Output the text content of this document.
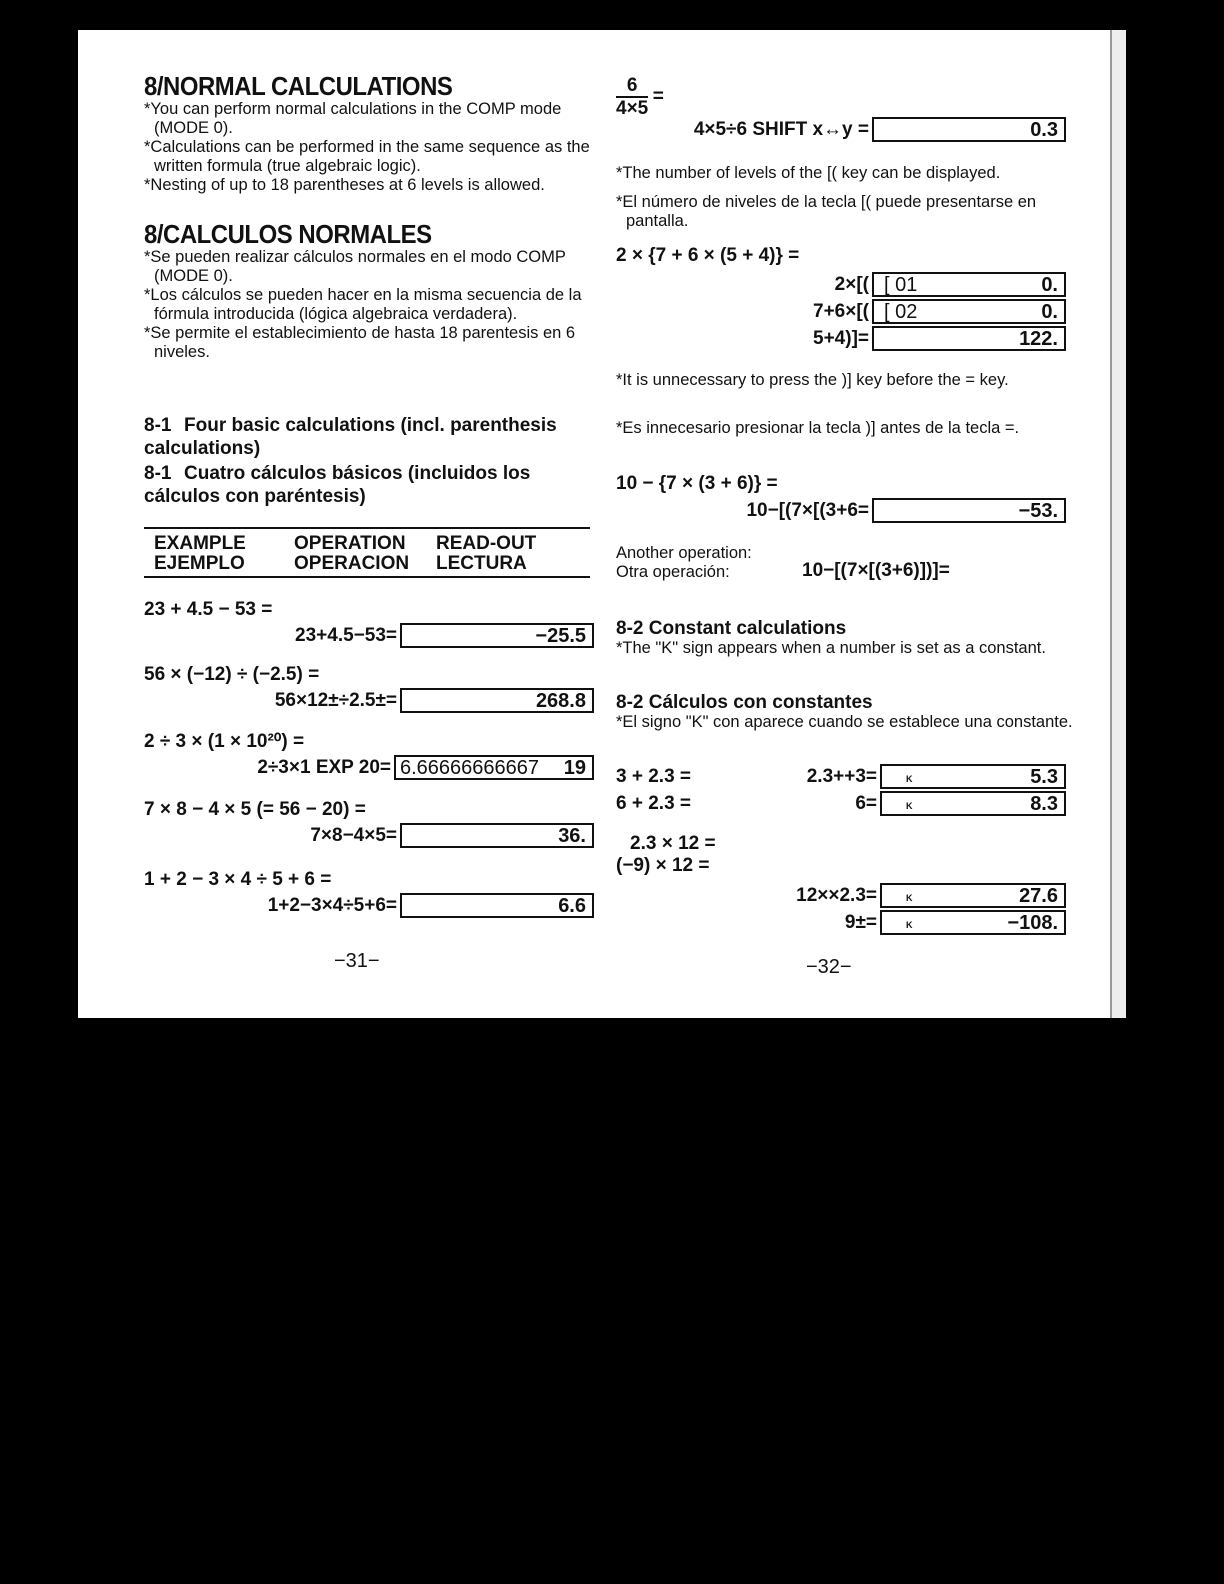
8/NORMAL CALCULATIONS
*You can perform normal calculations in the COMP mode (MODE 0).
*Calculations can be performed in the same sequence as the written formula (true algebraic logic).
*Nesting of up to 18 parentheses at 6 levels is allowed.
8/CALCULOS NORMALES
*Se pueden realizar cálculos normales en el modo COMP (MODE 0).
*Los cálculos se pueden hacer en la misma secuencia de la fórmula introducida (lógica algebraica verdadera).
*Se permite el establecimiento de hasta 18 parentesis en 6 niveles.
8-1 Four basic calculations (incl. parenthesis calculations)
8-1 Cuatro cálculos básicos (incluidos los cálculos con paréntesis)
EXAMPLE	OPERATION	READ-OUT
EJEMPLO	OPERACION	LECTURA
23 + 4.5 − 53 =
23+4.5−53=	−25.5
56 × (−12) ÷ (−2.5) =
56×12±÷2.5±=	268.8
2 ÷ 3 × (1 × 10²⁰) =
2÷3×1 EXP 20= 6.66666666667 19
7 × 8 − 4 × 5 (= 56 − 20) =
7×8−4×5=	36.
1 + 2 − 3 × 4 ÷ 5 + 6 =
1+2−3×4÷5+6=	6.6
−31−
$\frac{6}{4\times 5}$ =
4×5÷6 SHIFT x↔y =	0.3
*The number of levels of the [( key can be displayed.
*El número de niveles de la tecla [( puede presentarse en pantalla.
2 × {7 + 6 × (5 + 4)} =
2×[( [ 01	0.
7+6×[( [ 02	0.
5+4)]=	122.
*It is unnecessary to press the )] key before the = key.
*Es innecesario presionar la tecla )] antes de la tecla =.
10 − {7 × (3 + 6)} =
10−[(7×[(3+6=	−53.
Another operation:
Otra operación:	10−[(7×[(3+6)])]=
8-2 Constant calculations
*The "K" sign appears when a number is set as a constant.
8-2 Cálculos con constantes
*El signo "K" con aparece cuando se establece una constante.
3 + 2.3 =	2.3++3=	K	5.3
6 + 2.3 =	6=	K	8.3
2.3 × 12 =
(−9) × 12 =
12××2.3=	K	27.6
9±=	K	−108.
−32−
